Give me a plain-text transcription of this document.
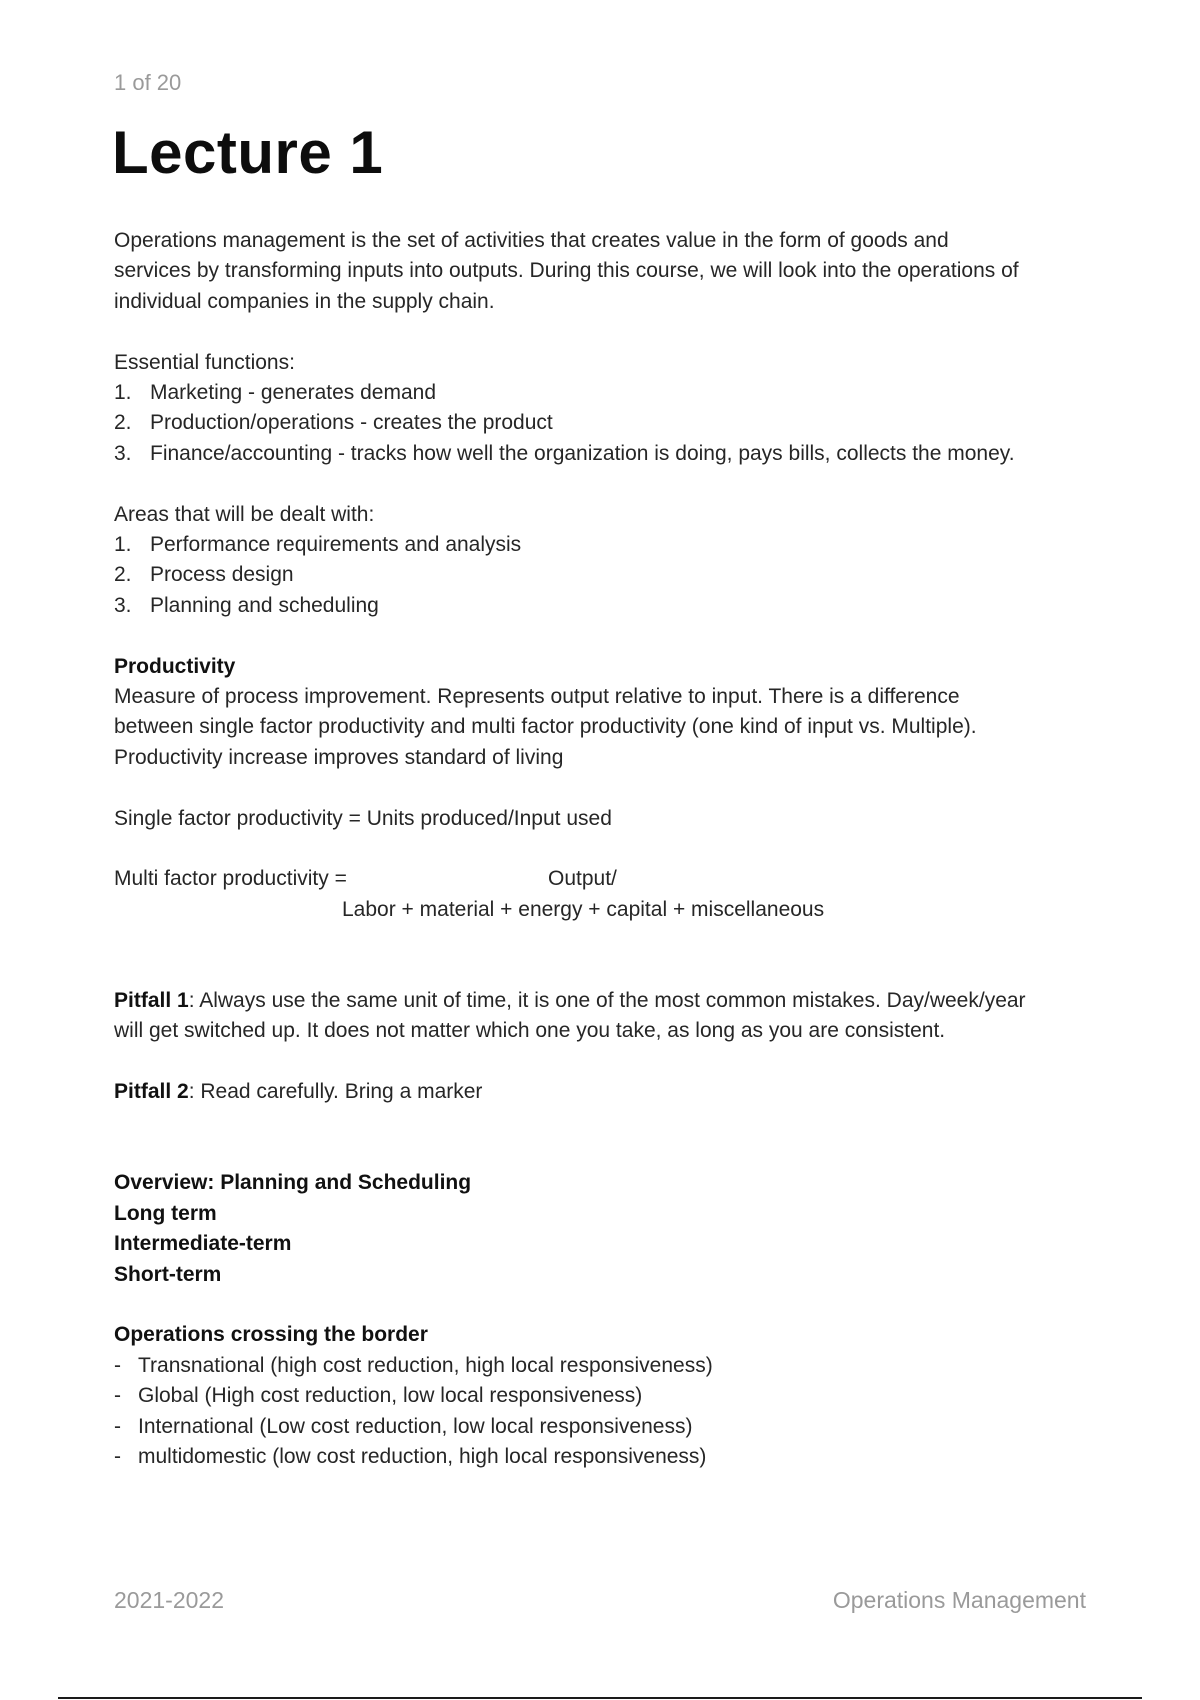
1 of 20

Lecture 1

Operations management is the set of activities that creates value in the form of goods and

services by transforming inputs into outputs. During this course, we will look into the operations of

individual companies in the supply chain.

Essential functions:

1. Marketing - generates demand
2. Production/operations - creates the product
3. Finance/accounting - tracks how well the organization is doing, pays bills, collects the money.

Areas that will be dealt with:

1. Performance requirements and analysis
2. Process design
3. Planning and scheduling

Productivity

Measure of process improvement. Represents output relative to input. There is a difference

between single factor productivity and multi factor productivity (one kind of input vs. Multiple).

Productivity increase improves standard of living

Single factor productivity = Units produced/Input used

Multi factor productivity =	Output/
Labor + material + energy + capital + miscellaneous

Pitfall 1: Always use the same unit of time, it is one of the most common mistakes. Day/week/year

will get switched up. It does not matter which one you take, as long as you are consistent.

Pitfall 2: Read carefully. Bring a marker

Overview: Planning and Scheduling

Long term

Intermediate-term

Short-term

Operations crossing the border

- Transnational (high cost reduction, high local responsiveness)
- Global (High cost reduction, low local responsiveness)
- International (Low cost reduction, low local responsiveness)
- multidomestic (low cost reduction, high local responsiveness)

2021-2022	Operations Management
